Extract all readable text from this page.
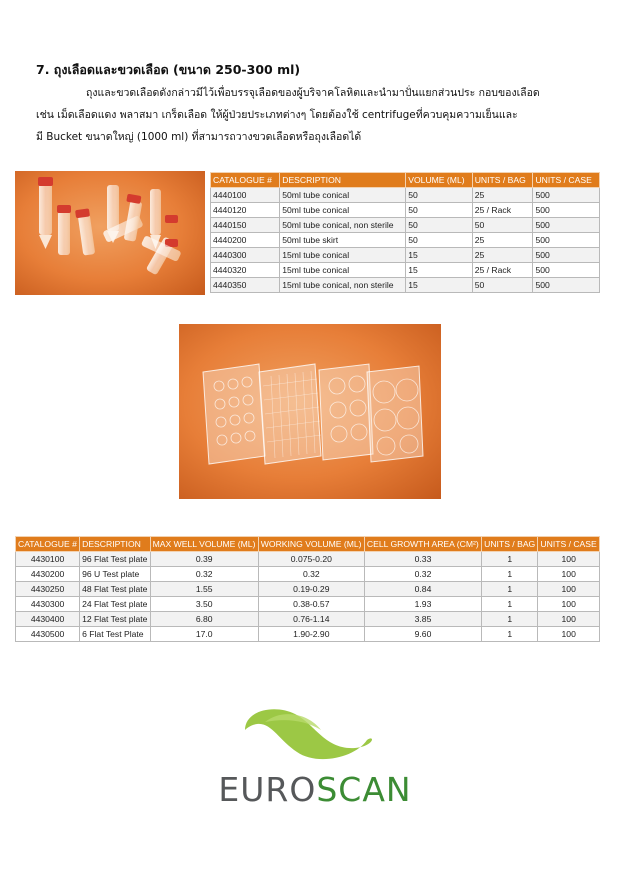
7. ถุงเลือดและขวดเลือด (ขนาด 250-300 ml)

ถุงและขวดเลือดดังกล่าวมีไว้เพื่อบรรจุเลือดของผู้บริจาคโลหิตและนำมาปั่นแยกส่วนประ กอบของเลือด

เช่น เม็ดเลือดแดง พลาสมา เกร็ดเลือด ให้ผู้ป่วยประเภทต่างๆ โดยต้องใช้ centrifugeที่ควบคุมความเย็นและ

มี Bucket ขนาดใหญ่ (1000 ml) ที่สามารถวางขวดเลือดหรือถุงเลือดได้

CATALOGUE #	DESCRIPTION	VOLUME (ML)	UNITS / BAG	UNITS / CASE
4440100	50ml tube conical	50	25	500
4440120	50ml tube conical	50	25 / Rack	500
4440150	50ml tube conical, non sterile	50	50	500
4440200	50ml tube skirt	50	25	500
4440300	15ml tube conical	15	25	500
4440320	15ml tube conical	15	25 / Rack	500
4440350	15ml tube conical, non sterile	15	50	500
CATALOGUE #	DESCRIPTION	MAX WELL VOLUME (ML)	WORKING VOLUME (ML)	CELL GROWTH AREA (CM²)	UNITS / BAG	UNITS / CASE
4430100	96 Flat Test plate	0.39	0.075-0.20	0.33	1	100
4430200	96 U Test plate	0.32	0.32	0.32	1	100
4430250	48 Flat Test plate	1.55	0.19-0.29	0.84	1	100
4430300	24 Flat Test plate	3.50	0.38-0.57	1.93	1	100
4430400	12 Flat Test plate	6.80	0.76-1.14	3.85	1	100
4430500	6 Flat Test Plate	17.0	1.90-2.90	9.60	1	100
EUROSCAN
